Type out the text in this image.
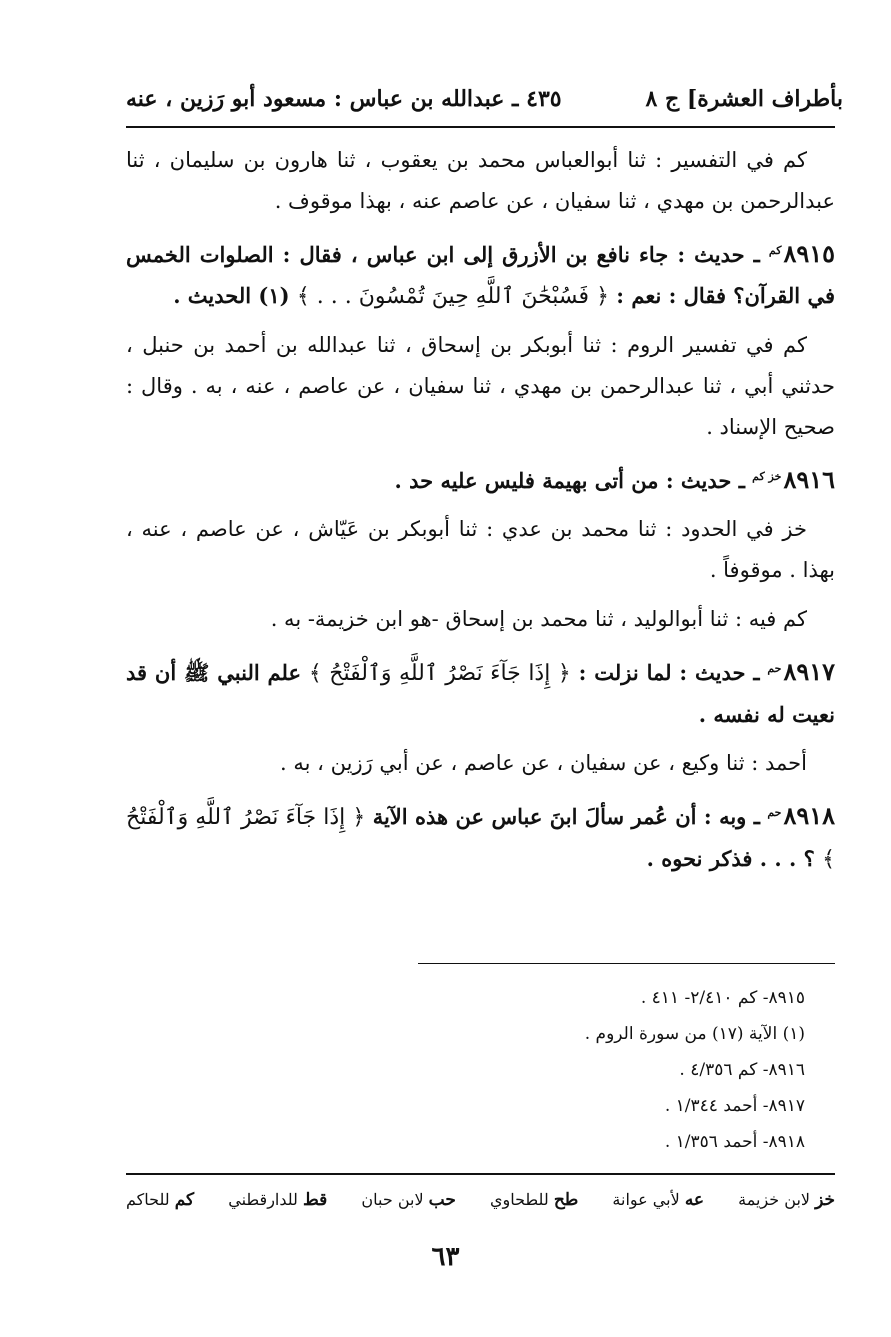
بأطراف العشرة] ج ٨
٤٣٥ ـ عبدالله بن عباس : مسعود أبو رَزين ، عنه

كم في التفسير : ثنا أبوالعباس محمد بن يعقوب ، ثنا هارون بن سليمان ، ثنا عبدالرحمن بن مهدي ، ثنا سفيان ، عن عاصم عنه ، بهذا موقوف .

$٨٩١٥^{كم}$ ـ حديث : جاء نافع بن الأزرق إلى ابن عباس ، فقال : الصلوات الخمس في القرآن؟ فقال : نعم : ﴿ فَسُبْحَٰنَ ٱللَّهِ حِينَ تُمْسُونَ . . . ﴾ (١) الحديث .

كم في تفسير الروم : ثنا أبوبكر بن إسحاق ، ثنا عبدالله بن أحمد بن حنبل ، حدثني أبي ، ثنا عبدالرحمن بن مهدي ، ثنا سفيان ، عن عاصم ، عنه ، به . وقال : صحيح الإسناد .

$٨٩١٦^{خز كم}$ ـ حديث : من أتى بهيمة فليس عليه حد .

خز في الحدود : ثنا محمد بن عدي : ثنا أبوبكر بن عَيّاش ، عن عاصم ، عنه ، بهذا . موقوفاً .

كم فيه : ثنا أبوالوليد ، ثنا محمد بن إسحاق -هو ابن خزيمة- به .

$٨٩١٧^{حم}$ ـ حديث : لما نزلت : ﴿ إِذَا جَآءَ نَصْرُ ٱللَّهِ وَٱلْفَتْحُ ﴾ علم النبي ﷺ أن قد نعيت له نفسه .

أحمد : ثنا وكيع ، عن سفيان ، عن عاصم ، عن أبي رَزين ، به .

$٨٩١٨^{حم}$ ـ وبه : أن عُمر سألَ ابنَ عباس عن هذه الآية ﴿ إِذَا جَآءَ نَصْرُ ٱللَّهِ وَٱلْفَتْحُ ﴾ ؟ . . . فذكر نحوه .

٨٩١٥- كم ٢/٤١٠- ٤١١ .
(١) الآية (١٧) من سورة الروم .
٨٩١٦- كم ٤/٣٥٦ .
٨٩١٧- أحمد ١/٣٤٤ .
٨٩١٨- أحمد ١/٣٥٦ .
خز لابن خزيمة
عه لأبي عوانة
طح للطحاوي
حب لابن حبان
قط للدارقطني
كم للحاكم
٦٣
